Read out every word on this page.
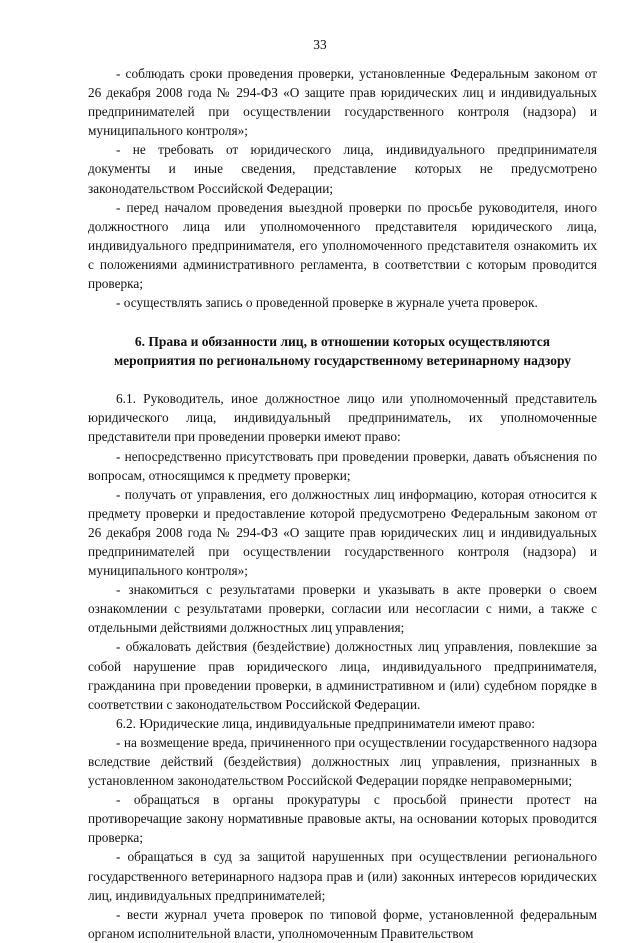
33

- соблюдать сроки проведения проверки, установленные Федеральным законом от 26 декабря 2008 года № 294-ФЗ «О защите прав юридических лиц и индивидуальных предпринимателей при осуществлении государственного контроля (надзора) и муниципального контроля»;

- не требовать от юридического лица, индивидуального предпринимателя документы и иные сведения, представление которых не предусмотрено законодательством Российской Федерации;

- перед началом проведения выездной проверки по просьбе руководителя, иного должностного лица или уполномоченного представителя юридического лица, индивидуального предпринимателя, его уполномоченного представителя ознакомить их с положениями административного регламента, в соответствии с которым проводится проверка;

- осуществлять запись о проведенной проверке в журнале учета проверок.

6. Права и обязанности лиц, в отношении которых осуществляются
мероприятия по региональному государственному ветеринарному надзору

6.1. Руководитель, иное должностное лицо или уполномоченный представитель юридического лица, индивидуальный предприниматель, их уполномоченные представители при проведении проверки имеют право:

- непосредственно присутствовать при проведении проверки, давать объяснения по вопросам, относящимся к предмету проверки;

- получать от управления, его должностных лиц информацию, которая относится к предмету проверки и предоставление которой предусмотрено Федеральным законом от 26 декабря 2008 года № 294-ФЗ «О защите прав юридических лиц и индивидуальных предпринимателей при осуществлении государственного контроля (надзора) и муниципального контроля»;

- знакомиться с результатами проверки и указывать в акте проверки о своем ознакомлении с результатами проверки, согласии или несогласии с ними, а также с отдельными действиями должностных лиц управления;

- обжаловать действия (бездействие) должностных лиц управления, повлекшие за собой нарушение прав юридического лица, индивидуального предпринимателя, гражданина при проведении проверки, в административном и (или) судебном порядке в соответствии с законодательством Российской Федерации.

6.2. Юридические лица, индивидуальные предприниматели имеют право:

- на возмещение вреда, причиненного при осуществлении государственного надзора вследствие действий (бездействия) должностных лиц управления, признанных в установленном законодательством Российской Федерации порядке неправомерными;

- обращаться в органы прокуратуры с просьбой принести протест на противоречащие закону нормативные правовые акты, на основании которых проводится проверка;

- обращаться в суд за защитой нарушенных при осуществлении регионального государственного ветеринарного надзора прав и (или) законных интересов юридических лиц, индивидуальных предпринимателей;

- вести журнал учета проверок по типовой форме, установленной федеральным органом исполнительной власти, уполномоченным Правительством
